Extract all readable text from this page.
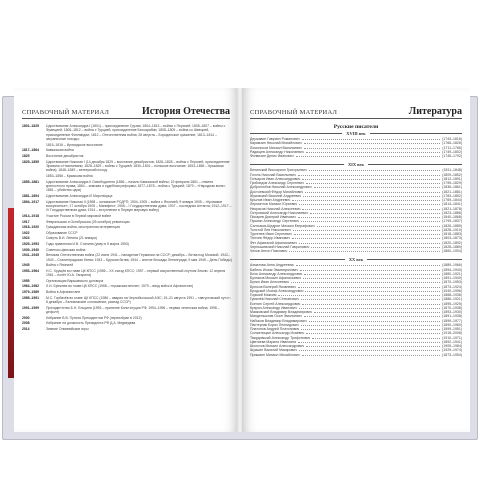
СПРАВОЧНЫЙ МАТЕРИАЛ	История Отечества
1801–1825	Царствование Александра I (1801) – присоединение Грузии; 1804–1813 – войны с Персией; 1805–1807 – войны с Францией; 1806–1812 – война с Турцией, присоединение Бессарабии; 1808–1809 – война со Швецией, присоединение Финляндии; 1812 – Отечественная война; 26 августа – Бородинское сражение; 1813–1814 – заграничные походы;
1815–1816 – Ирландское восстание
1817–1864	Кавказская война
1825	Восстание декабристов
1825–1855	Царствование Николая I (14 декабря 1825 – восстание декабристов; 1826–1828 – войны с Персией, присоединение Эривани и Нахичевани; 1828–1829 – войны с Турцией; 1830–1831 – польское восстание; 1853–1856 – Крымская война); 1848–1849 – венгерский поход;
1853–1856 – Крымская война
1855–1881	Царствование Александра II Освободителя (1856 – начало Кавказской войны; 19 февраля 1861 – отмена крепостного права; 1864 – земская и судебная реформы; 1877–1878 – война с Турцией; 1879 – «Народная воля»; 1881 – убийство царя)
1881–1894	Царствование Александра III Миротворца
1894–1917	Царствование Николая II (1898 – основание РСДРП; 1904–1905 – война с Японией; 9 января 1905 – «Кровавое воскресенье»; 17 октября 1905 – Манифест; 1906 – I Государственная дума; 1907 – последняя Антанта; 1912–1917 – IV Государственная дума; 1914 – вступление в Первую мировую войну)
1914–1918	Участие России в Первой мировой войне
1917	Февральская и Октябрьская (25 октября) революции
1918–1920	Гражданская война, иностранная интервенция
1922	Образование СССР
1924	Смерть В.И. Ленина (21 января)
1925–1953	Годы правления И.В. Сталина (умер в 5 марта 1953)
1939–1940	Советско-финская война
1941–1945	Великая Отечественная война (22 июня 1941 – нападение Германии на СССР; декабрь – битва под Москвой; 1942–1943 – Сталинградская битва; 1943 – Курская битва; 1944 – снятие блокады Ленинграда; 9 мая 1945 – День Победы)
1945	Война с Японией
1953–1964	Н.С. Хрущёв во главе ЦК КПСС (1956 – XX съезд КПСС; 1957 – первый искусственный спутник Земли; 12 апреля 1961 – полёт Ю.А. Гагарина)
1955	Организация Варшавского договора
1964–1982	Л.И. Брежнев во главе ЦК КПСС (1968 – «пражская весна»; 1979 – ввод войск в Афганистан)
1979–1989	Война в Афганистане
1985–1991	М.С. Горбачёв во главе ЦК КПСС (1986 – авария на Чернобыльской АЭС; 19–21 августа 1991 – «августовский путч»; 8 декабря – Беловежские соглашения, распад СССР)
1991–1999	Президентство Б.Н. Ельцина (1993 – принятие Конституции РФ; 1994–1996 – первая чеченская война; 1998 – дефолт)
2000	Избрание В.В. Путина Президентом РФ (переизбран в 2012)
2008	Избрание на должность Президента РФ Д.А. Медведева
2014	Зимние Олимпийские игры
СПРАВОЧНЫЙ МАТЕРИАЛ	Литература
Русские писатели
XVIII век
Державин Гавриил Романович	(1743–1816)
Карамзин Николай Михайлович	(1766–1826)
Ломоносов Михаил Васильевич	(1711–1765)
Радищев Александр Николаевич	(1749–1802)
Фонвизин Денис Иванович	(1745–1792)
XIX век
Белинский Виссарион Григорьевич	(1811–1848)
Гоголь Николай Васильевич	(1809–1852)
Гончаров Иван Александрович	(1812–1891)
Грибоедов Александр Сергеевич	(1795–1829)
Добролюбов Николай Александрович	(1836–1861)
Достоевский Фёдор Михайлович	(1821–1881)
Жуковский Василий Андреевич	(1783–1852)
Крылов Иван Андреевич	(1769–1844)
Лермонтов Михаил Юрьевич	(1814–1841)
Некрасов Николай Алексеевич	(1821–1878)
Островский Александр Николаевич	(1823–1886)
Писарев Дмитрий Иванович	(1840–1868)
Пушкин Александр Сергеевич	(1799–1837)
Салтыков-Щедрин Михаил Евграфович	(1826–1889)
Толстой Лев Николаевич	(1828–1910)
Тургенев Иван Сергеевич	(1818–1883)
Тютчев Фёдор Иванович	(1803–1873)
Фет Афанасий Афанасьевич	(1820–1892)
Чернышевский Николай Гаврилович	(1828–1889)
Чехов Антон Павлович	(1860–1904)
XX век
Ахматова Анна Андреевна	(1889–1966)
Бабель Исаак Эммануилович	(1894–1940)
Блок Александр Александрович	(1880–1921)
Булгаков Михаил Афанасьевич	(1891–1940)
Бунин Иван Алексеевич	(1870–1953)
Брюсов Валерий Яковлевич	(1873–1924)
Бродский Иосиф Александрович	(1940–1996)
Горький Максим	(1868–1936)
Гумилёв Николай Степанович	(1886–1921)
Есенин Сергей Александрович	(1895–1925)
Куприн Александр Иванович	(1870–1938)
Маяковский Владимир Владимирович	(1893–1930)
Мандельштам Осип Эмильевич	(1891–1938)
Набоков Владимир Владимирович	(1899–1977)
Пастернак Борис Леонидович	(1890–1960)
Платонов Андрей Платонович	(1899–1951)
Солженицын Александр Исаевич	(1918–2008)
Твардовский Александр Трифонович	(1910–1971)
Цветаева Марина Ивановна	(1892–1941)
Шолохов Михаил Александрович	(1905–1984)
Шукшин Василий Макарович	(1929–1974)
Пришвин Михаил Михайлович	(1873–1954)
